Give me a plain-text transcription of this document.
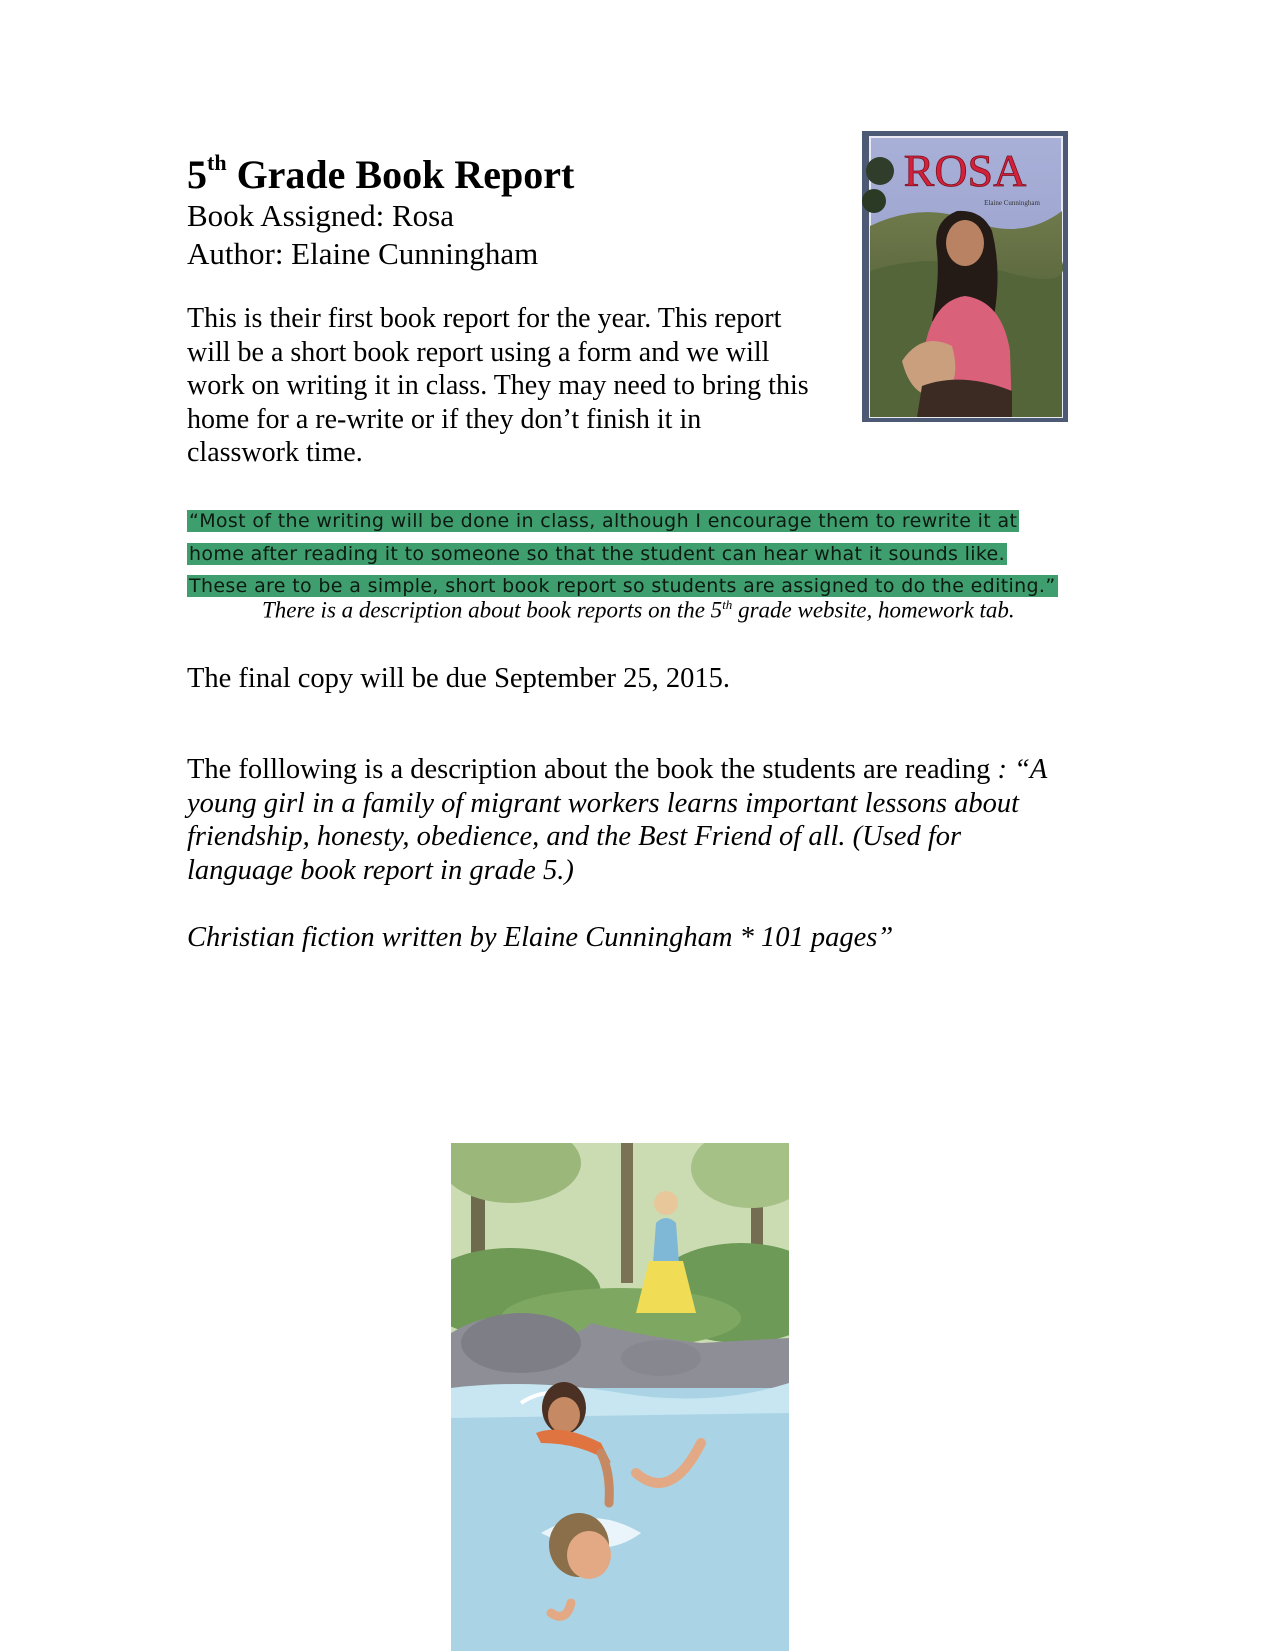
5th Grade Book Report
Book Assigned: Rosa
Author: Elaine Cunningham
This is their first book report for the year. This report
will be a short book report using a form and we will
work on writing it in class. They may need to bring this
home for a re-write or if they don’t finish it in
classwork time.
“Most of the writing will be done in class, although I encourage them to rewrite it at
home after reading it to someone so that the student can hear what it sounds like.
These are to be a simple, short book report so students are assigned to do the editing.”
There is a description about book reports on the 5th grade website, homework tab.
The final copy will be due September 25, 2015.
The folllowing is a description about the book the students are reading : “A
young girl in a family of migrant workers learns important lessons about
friendship, honesty, obedience, and the Best Friend of all. (Used for
language book report in grade 5.)
Christian fiction written by Elaine Cunningham * 101 pages”
ROSA
Elaine Cunningham
